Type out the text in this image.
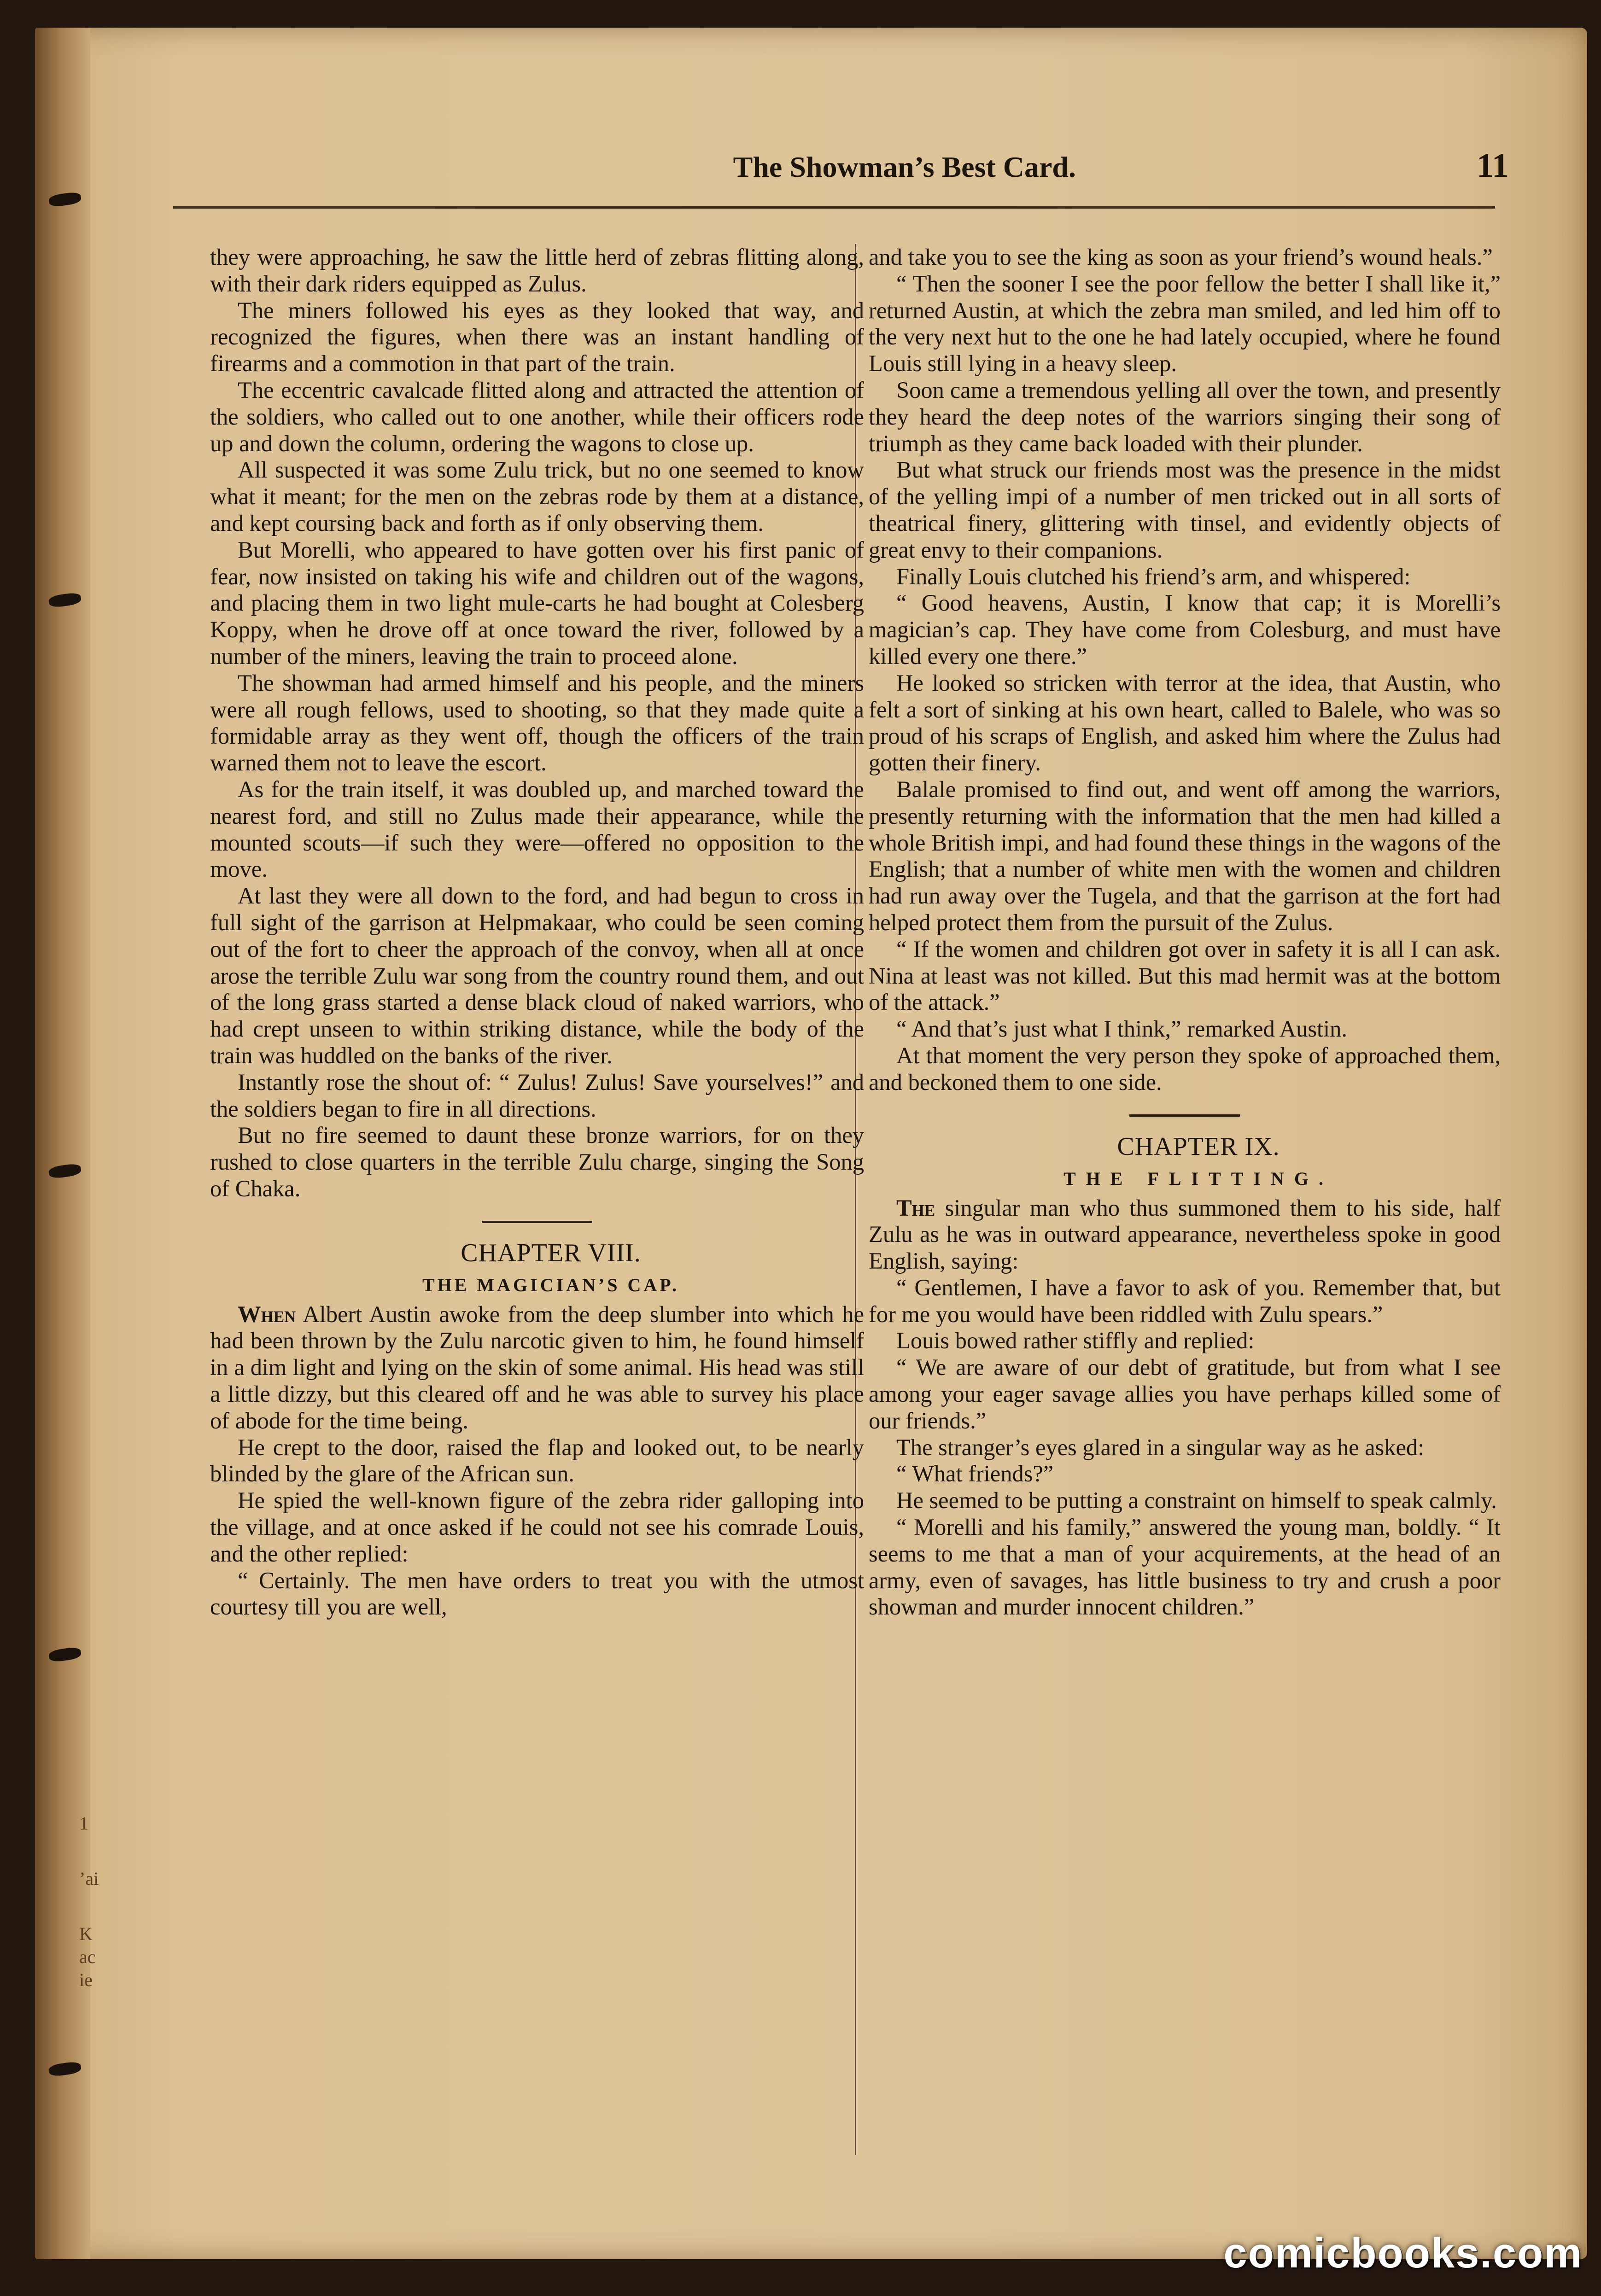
1
’ai
K
ac
ie
The Showman’s Best Card.	11

they were approaching, he saw the little herd of zebras flitting along, with their dark riders equipped as Zulus.

The miners followed his eyes as they looked that way, and recognized the figures, when there was an instant handling of firearms and a commotion in that part of the train.

The eccentric cavalcade flitted along and attracted the attention of the soldiers, who called out to one another, while their officers rode up and down the column, ordering the wagons to close up.

All suspected it was some Zulu trick, but no one seemed to know what it meant; for the men on the zebras rode by them at a distance, and kept coursing back and forth as if only observing them.

But Morelli, who appeared to have gotten over his first panic of fear, now insisted on taking his wife and children out of the wagons, and placing them in two light mule-carts he had bought at Colesberg Koppy, when he drove off at once toward the river, followed by a number of the miners, leaving the train to proceed alone.

The showman had armed himself and his people, and the miners were all rough fellows, used to shooting, so that they made quite a formidable array as they went off, though the officers of the train warned them not to leave the escort.

As for the train itself, it was doubled up, and marched toward the nearest ford, and still no Zulus made their appearance, while the mounted scouts—if such they were—offered no opposition to the move.

At last they were all down to the ford, and had begun to cross in full sight of the garrison at Helpmakaar, who could be seen coming out of the fort to cheer the approach of the convoy, when all at once arose the terrible Zulu war song from the country round them, and out of the long grass started a dense black cloud of naked warriors, who had crept unseen to within striking distance, while the body of the train was huddled on the banks of the river.

Instantly rose the shout of: “ Zulus! Zulus! Save yourselves!” and the soldiers began to fire in all directions.

But no fire seemed to daunt these bronze warriors, for on they rushed to close quarters in the terrible Zulu charge, singing the Song of Chaka.

CHAPTER VIII.

THE MAGICIAN’S CAP.

When Albert Austin awoke from the deep slumber into which he had been thrown by the Zulu narcotic given to him, he found himself in a dim light and lying on the skin of some animal. His head was still a little dizzy, but this cleared off and he was able to survey his place of abode for the time being.

He crept to the door, raised the flap and looked out, to be nearly blinded by the glare of the African sun.

He spied the well-known figure of the zebra rider galloping into the village, and at once asked if he could not see his comrade Louis, and the other replied:

“ Certainly. The men have orders to treat you with the utmost courtesy till you are well,

and take you to see the king as soon as your friend’s wound heals.”

“ Then the sooner I see the poor fellow the better I shall like it,” returned Austin, at which the zebra man smiled, and led him off to the very next hut to the one he had lately occupied, where he found Louis still lying in a heavy sleep.

Soon came a tremendous yelling all over the town, and presently they heard the deep notes of the warriors singing their song of triumph as they came back loaded with their plunder.

But what struck our friends most was the presence in the midst of the yelling impi of a number of men tricked out in all sorts of theatrical finery, glittering with tinsel, and evidently objects of great envy to their companions.

Finally Louis clutched his friend’s arm, and whispered:

“ Good heavens, Austin, I know that cap; it is Morelli’s magician’s cap. They have come from Colesburg, and must have killed every one there.”

He looked so stricken with terror at the idea, that Austin, who felt a sort of sinking at his own heart, called to Balele, who was so proud of his scraps of English, and asked him where the Zulus had gotten their finery.

Balale promised to find out, and went off among the warriors, presently returning with the information that the men had killed a whole British impi, and had found these things in the wagons of the English; that a number of white men with the women and children had run away over the Tugela, and that the garrison at the fort had helped protect them from the pursuit of the Zulus.

“ If the women and children got over in safety it is all I can ask. Nina at least was not killed. But this mad hermit was at the bottom of the attack.”

“ And that’s just what I think,” remarked Austin.

At that moment the very person they spoke of approached them, and beckoned them to one side.

CHAPTER IX.

THE FLITTING.

The singular man who thus summoned them to his side, half Zulu as he was in outward appearance, nevertheless spoke in good English, saying:

“ Gentlemen, I have a favor to ask of you. Remember that, but for me you would have been riddled with Zulu spears.”

Louis bowed rather stiffly and replied:

“ We are aware of our debt of gratitude, but from what I see among your eager savage allies you have perhaps killed some of our friends.”

The stranger’s eyes glared in a singular way as he asked:

“ What friends?”

He seemed to be putting a constraint on himself to speak calmly.

“ Morelli and his family,” answered the young man, boldly. “ It seems to me that a man of your acquirements, at the head of an army, even of savages, has little business to try and crush a poor showman and murder innocent children.”

comicbooks.com
